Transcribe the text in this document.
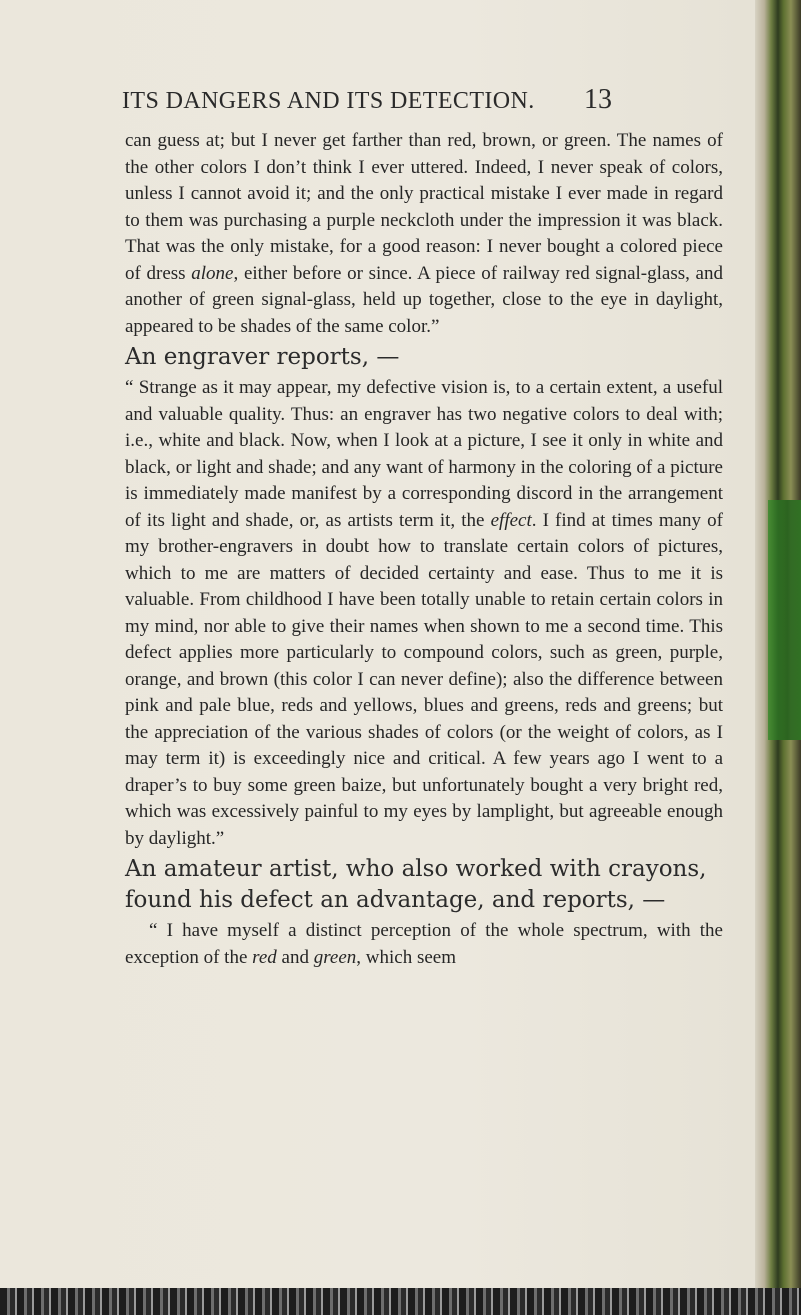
ITS DANGERS AND ITS DETECTION. 13

can guess at; but I never get farther than red, brown, or green. The names of the other colors I don’t think I ever uttered. Indeed, I never speak of colors, unless I cannot avoid it; and the only practical mistake I ever made in regard to them was purchasing a purple neckcloth under the impression it was black. That was the only mistake, for a good reason: I never bought a colored piece of dress alone, either before or since. A piece of railway red signal-glass, and another of green signal-glass, held up together, close to the eye in daylight, appeared to be shades of the same color.”

An engraver reports, —

“ Strange as it may appear, my defective vision is, to a certain extent, a useful and valuable quality. Thus: an engraver has two negative colors to deal with; i.e., white and black. Now, when I look at a picture, I see it only in white and black, or light and shade; and any want of harmony in the coloring of a picture is immediately made manifest by a corresponding discord in the arrangement of its light and shade, or, as artists term it, the effect. I find at times many of my brother-engravers in doubt how to translate certain colors of pictures, which to me are matters of decided certainty and ease. Thus to me it is valuable. From childhood I have been totally unable to retain certain colors in my mind, nor able to give their names when shown to me a second time. This defect applies more particularly to compound colors, such as green, purple, orange, and brown (this color I can never define); also the difference between pink and pale blue, reds and yellows, blues and greens, reds and greens; but the appreciation of the various shades of colors (or the weight of colors, as I may term it) is exceedingly nice and critical. A few years ago I went to a draper’s to buy some green baize, but unfortunately bought a very bright red, which was excessively painful to my eyes by lamplight, but agreeable enough by daylight.”

An amateur artist, who also worked with crayons, found his defect an advantage, and reports, —

“ I have myself a distinct perception of the whole spectrum, with the exception of the red and green, which seem
